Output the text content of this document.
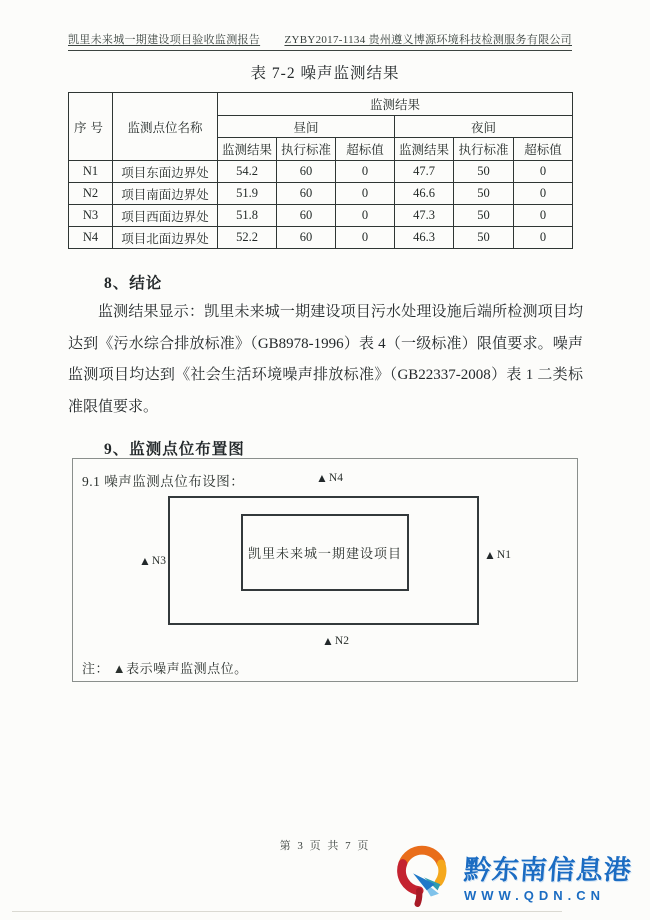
凯里未来城一期建设项目验收监测报告 ZYBY2017-1134 贵州遵义博源环境科技检测服务有限公司
表 7-2 噪声监测结果
序号	监测点位名称	监测结果					
		昼间			夜间		
		监测结果	执行标准	超标值	监测结果	执行标准	超标值
N1	项目东面边界处	54.2	60	0	47.7	50	0
N2	项目南面边界处	51.9	60	0	46.6	50	0
N3	项目西面边界处	51.8	60	0	47.3	50	0
N4	项目北面边界处	52.2	60	0	46.3	50	0
8、结论
监测结果显示：凯里未来城一期建设项目污水处理设施后端所检测项目均达到《污水综合排放标准》（GB8978-1996）表 4（一级标准）限值要求。噪声监测项目均达到《社会生活环境噪声排放标准》（GB22337-2008）表 1 二类标准限值要求。
9、监测点位布置图
9.1 噪声监测点位布设图：
凯里未来城一期建设项目
▲ N4
▲ N3	▲ N1
▲ N2
注： ▲表示噪声监测点位。
第 3 页 共 7 页
黔东南信息港
WWW.QDN.CN
